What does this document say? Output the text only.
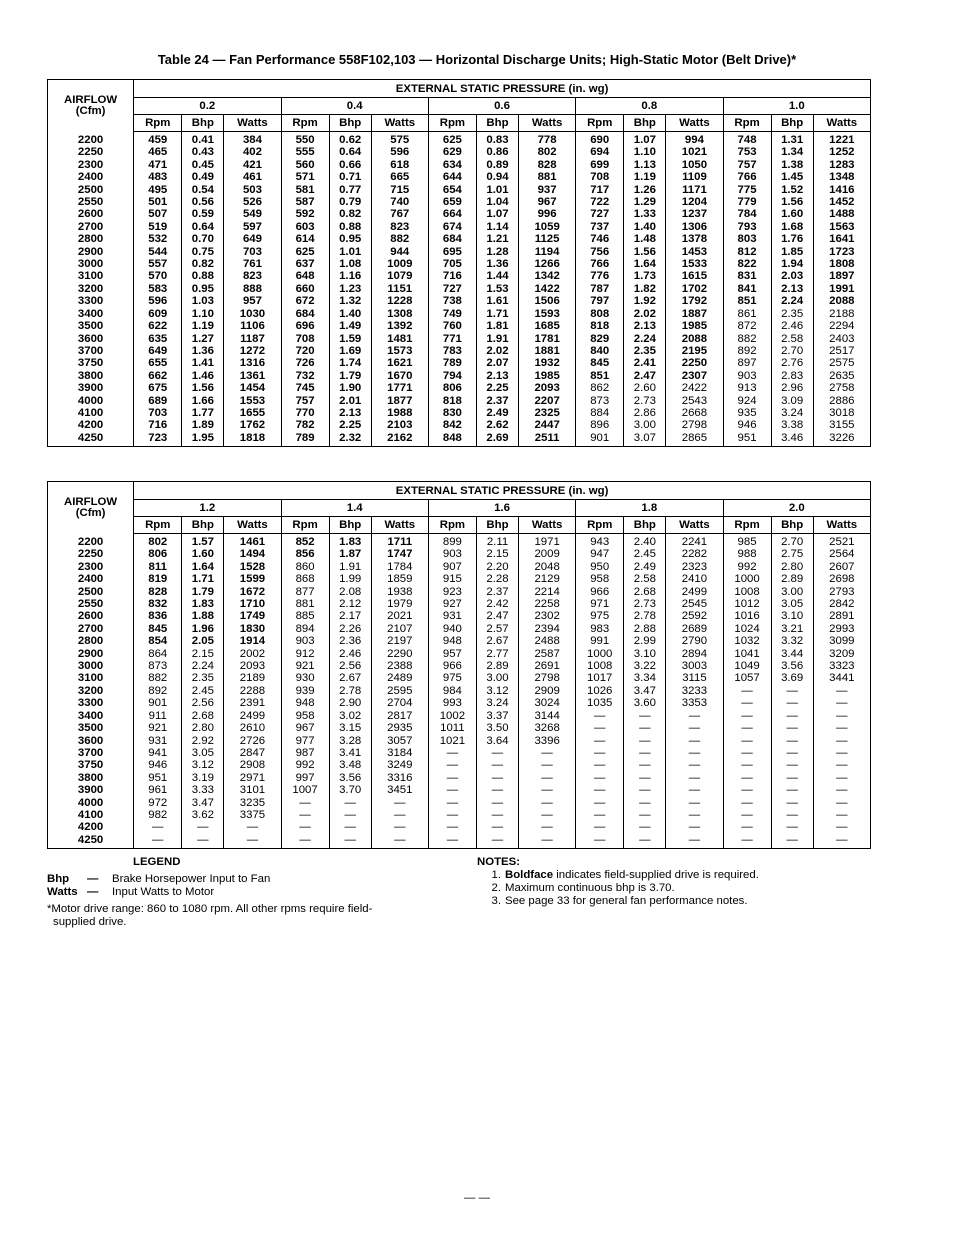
Table 24 — Fan Performance 558F102,103 — Horizontal Discharge Units; High-Static Motor (Belt Drive)*
AIRFLOW
(Cfm)	EXTERNAL STATIC PRESSURE (in. wg)														
	0.2			0.4			0.6			0.8			1.0		
	Rpm	Bhp	Watts	Rpm	Bhp	Watts	Rpm	Bhp	Watts	Rpm	Bhp	Watts	Rpm	Bhp	Watts
2200	459	0.41	384	550	0.62	575	625	0.83	778	690	1.07	994	748	1.31	1221
2250	465	0.43	402	555	0.64	596	629	0.86	802	694	1.10	1021	753	1.34	1252
2300	471	0.45	421	560	0.66	618	634	0.89	828	699	1.13	1050	757	1.38	1283
2400	483	0.49	461	571	0.71	665	644	0.94	881	708	1.19	1109	766	1.45	1348
2500	495	0.54	503	581	0.77	715	654	1.01	937	717	1.26	1171	775	1.52	1416
2550	501	0.56	526	587	0.79	740	659	1.04	967	722	1.29	1204	779	1.56	1452
2600	507	0.59	549	592	0.82	767	664	1.07	996	727	1.33	1237	784	1.60	1488
2700	519	0.64	597	603	0.88	823	674	1.14	1059	737	1.40	1306	793	1.68	1563
2800	532	0.70	649	614	0.95	882	684	1.21	1125	746	1.48	1378	803	1.76	1641
2900	544	0.75	703	625	1.01	944	695	1.28	1194	756	1.56	1453	812	1.85	1723
3000	557	0.82	761	637	1.08	1009	705	1.36	1266	766	1.64	1533	822	1.94	1808
3100	570	0.88	823	648	1.16	1079	716	1.44	1342	776	1.73	1615	831	2.03	1897
3200	583	0.95	888	660	1.23	1151	727	1.53	1422	787	1.82	1702	841	2.13	1991
3300	596	1.03	957	672	1.32	1228	738	1.61	1506	797	1.92	1792	851	2.24	2088
3400	609	1.10	1030	684	1.40	1308	749	1.71	1593	808	2.02	1887	861	2.35	2188
3500	622	1.19	1106	696	1.49	1392	760	1.81	1685	818	2.13	1985	872	2.46	2294
3600	635	1.27	1187	708	1.59	1481	771	1.91	1781	829	2.24	2088	882	2.58	2403
3700	649	1.36	1272	720	1.69	1573	783	2.02	1881	840	2.35	2195	892	2.70	2517
3750	655	1.41	1316	726	1.74	1621	789	2.07	1932	845	2.41	2250	897	2.76	2575
3800	662	1.46	1361	732	1.79	1670	794	2.13	1985	851	2.47	2307	903	2.83	2635
3900	675	1.56	1454	745	1.90	1771	806	2.25	2093	862	2.60	2422	913	2.96	2758
4000	689	1.66	1553	757	2.01	1877	818	2.37	2207	873	2.73	2543	924	3.09	2886
4100	703	1.77	1655	770	2.13	1988	830	2.49	2325	884	2.86	2668	935	3.24	3018
4200	716	1.89	1762	782	2.25	2103	842	2.62	2447	896	3.00	2798	946	3.38	3155
4250	723	1.95	1818	789	2.32	2162	848	2.69	2511	901	3.07	2865	951	3.46	3226
AIRFLOW
(Cfm)	EXTERNAL STATIC PRESSURE (in. wg)														
	1.2			1.4			1.6			1.8			2.0		
	Rpm	Bhp	Watts	Rpm	Bhp	Watts	Rpm	Bhp	Watts	Rpm	Bhp	Watts	Rpm	Bhp	Watts
2200	802	1.57	1461	852	1.83	1711	899	2.11	1971	943	2.40	2241	985	2.70	2521
2250	806	1.60	1494	856	1.87	1747	903	2.15	2009	947	2.45	2282	988	2.75	2564
2300	811	1.64	1528	860	1.91	1784	907	2.20	2048	950	2.49	2323	992	2.80	2607
2400	819	1.71	1599	868	1.99	1859	915	2.28	2129	958	2.58	2410	1000	2.89	2698
2500	828	1.79	1672	877	2.08	1938	923	2.37	2214	966	2.68	2499	1008	3.00	2793
2550	832	1.83	1710	881	2.12	1979	927	2.42	2258	971	2.73	2545	1012	3.05	2842
2600	836	1.88	1749	885	2.17	2021	931	2.47	2302	975	2.78	2592	1016	3.10	2891
2700	845	1.96	1830	894	2.26	2107	940	2.57	2394	983	2.88	2689	1024	3.21	2993
2800	854	2.05	1914	903	2.36	2197	948	2.67	2488	991	2.99	2790	1032	3.32	3099
2900	864	2.15	2002	912	2.46	2290	957	2.77	2587	1000	3.10	2894	1041	3.44	3209
3000	873	2.24	2093	921	2.56	2388	966	2.89	2691	1008	3.22	3003	1049	3.56	3323
3100	882	2.35	2189	930	2.67	2489	975	3.00	2798	1017	3.34	3115	1057	3.69	3441
3200	892	2.45	2288	939	2.78	2595	984	3.12	2909	1026	3.47	3233	—	—	—
3300	901	2.56	2391	948	2.90	2704	993	3.24	3024	1035	3.60	3353	—	—	—
3400	911	2.68	2499	958	3.02	2817	1002	3.37	3144	—	—	—	—	—	—
3500	921	2.80	2610	967	3.15	2935	1011	3.50	3268	—	—	—	—	—	—
3600	931	2.92	2726	977	3.28	3057	1021	3.64	3396	—	—	—	—	—	—
3700	941	3.05	2847	987	3.41	3184	—	—	—	—	—	—	—	—	—
3750	946	3.12	2908	992	3.48	3249	—	—	—	—	—	—	—	—	—
3800	951	3.19	2971	997	3.56	3316	—	—	—	—	—	—	—	—	—
3900	961	3.33	3101	1007	3.70	3451	—	—	—	—	—	—	—	—	—
4000	972	3.47	3235	—	—	—	—	—	—	—	—	—	—	—	—
4100	982	3.62	3375	—	—	—	—	—	—	—	—	—	—	—	—
4200	—	—	—	—	—	—	—	—	—	—	—	—	—	—	—
4250	—	—	—	—	—	—	—	—	—	—	—	—	—	—	—
LEGEND
Bhp	—	Brake Horsepower Input to Fan
Watts —	Input Watts to Motor
*Motor drive range: 860 to 1080 rpm. All other rpms require field-
supplied drive.
NOTES:
1. Boldface indicates field-supplied drive is required.
2. Maximum continuous bhp is 3.70.
3. See page 33 for general fan performance notes.
— —
